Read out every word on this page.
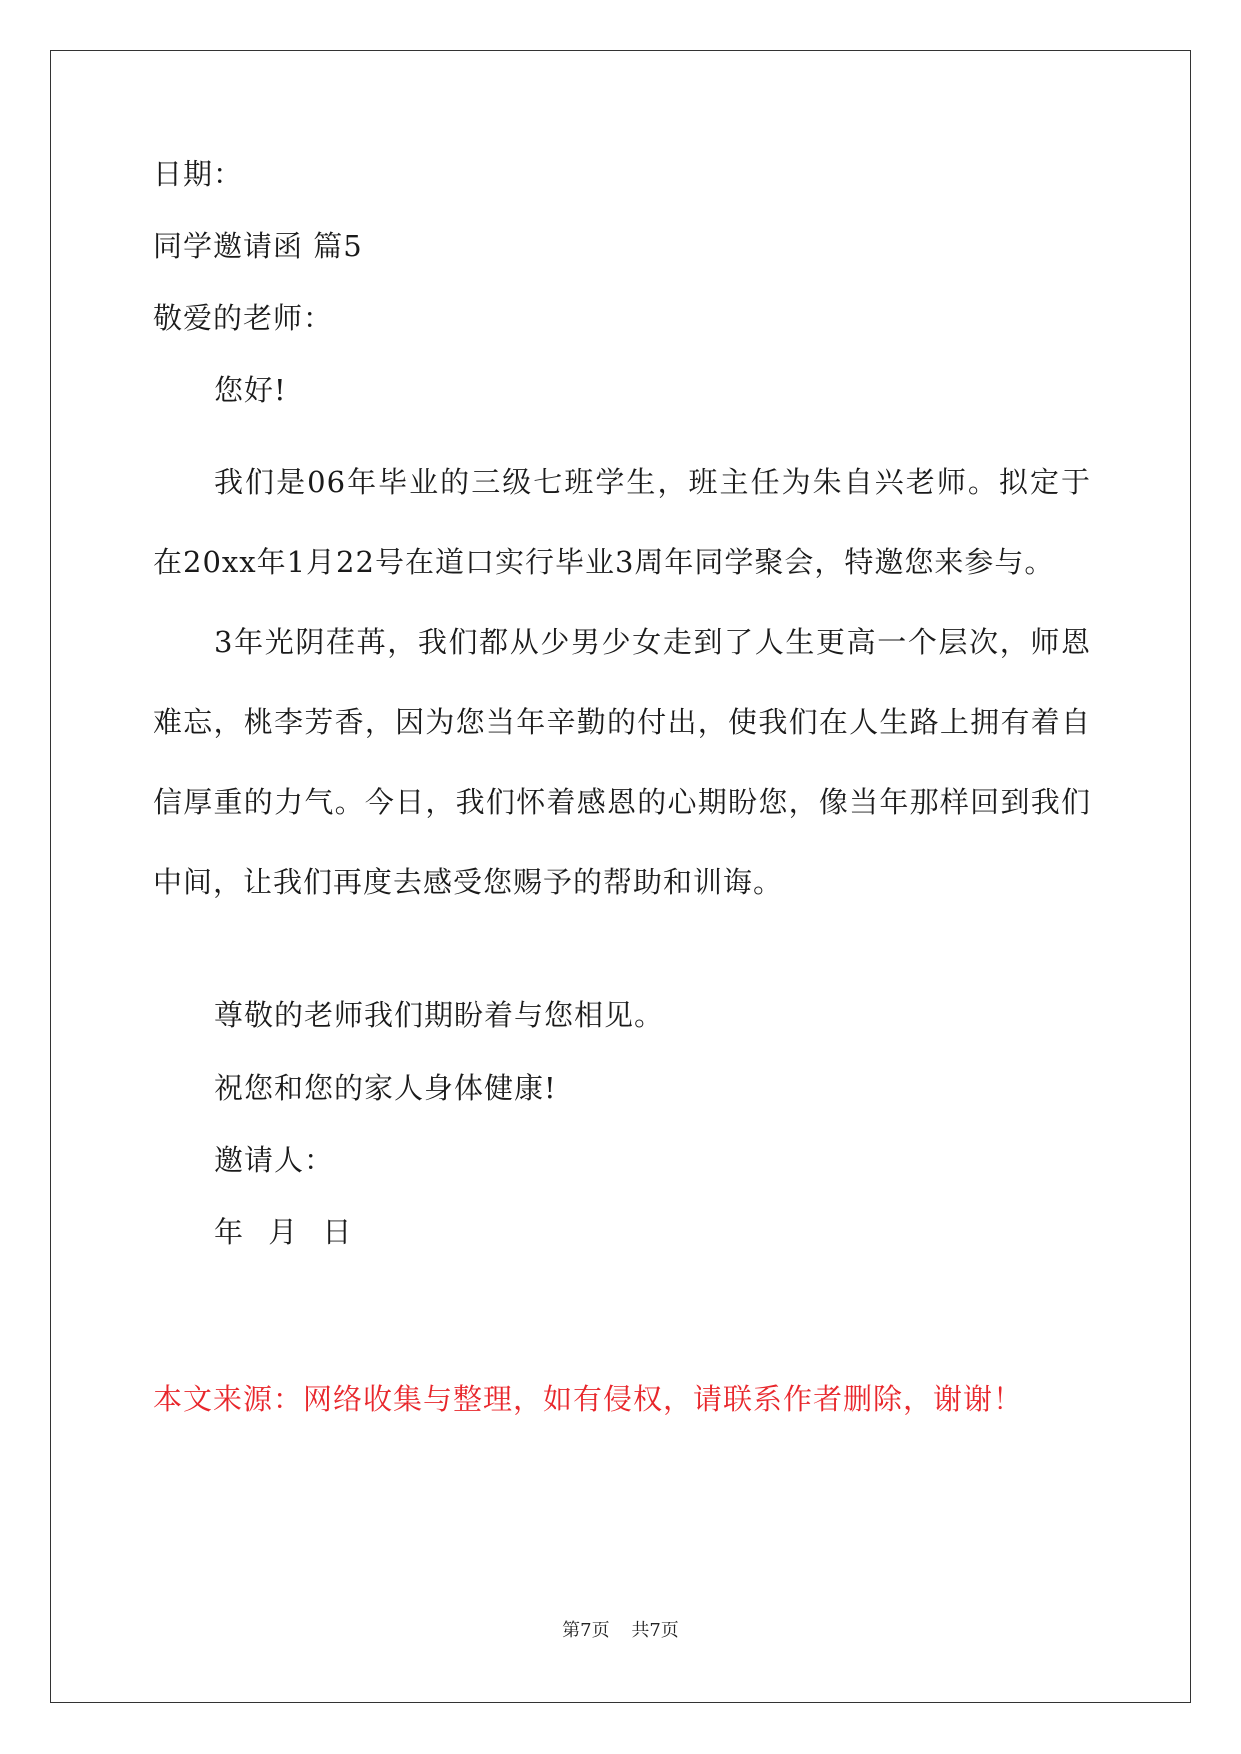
日期：
同学邀请函 篇5
敬爱的老师：
您好!
我们是06年毕业的三级七班学生，班主任为朱自兴老师。拟定于在20xx年1月22号在道口实行毕业3周年同学聚会，特邀您来参与。
3年光阴荏苒，我们都从少男少女走到了人生更高一个层次，师恩难忘，桃李芳香，因为您当年辛勤的付出，使我们在人生路上拥有着自信厚重的力气。今日，我们怀着感恩的心期盼您，像当年那样回到我们中间，让我们再度去感受您赐予的帮助和训诲。
尊敬的老师我们期盼着与您相见。
祝您和您的家人身体健康!
邀请人：
年 月 日
本文来源：网络收集与整理，如有侵权，请联系作者删除，谢谢！
第7页 共7页
